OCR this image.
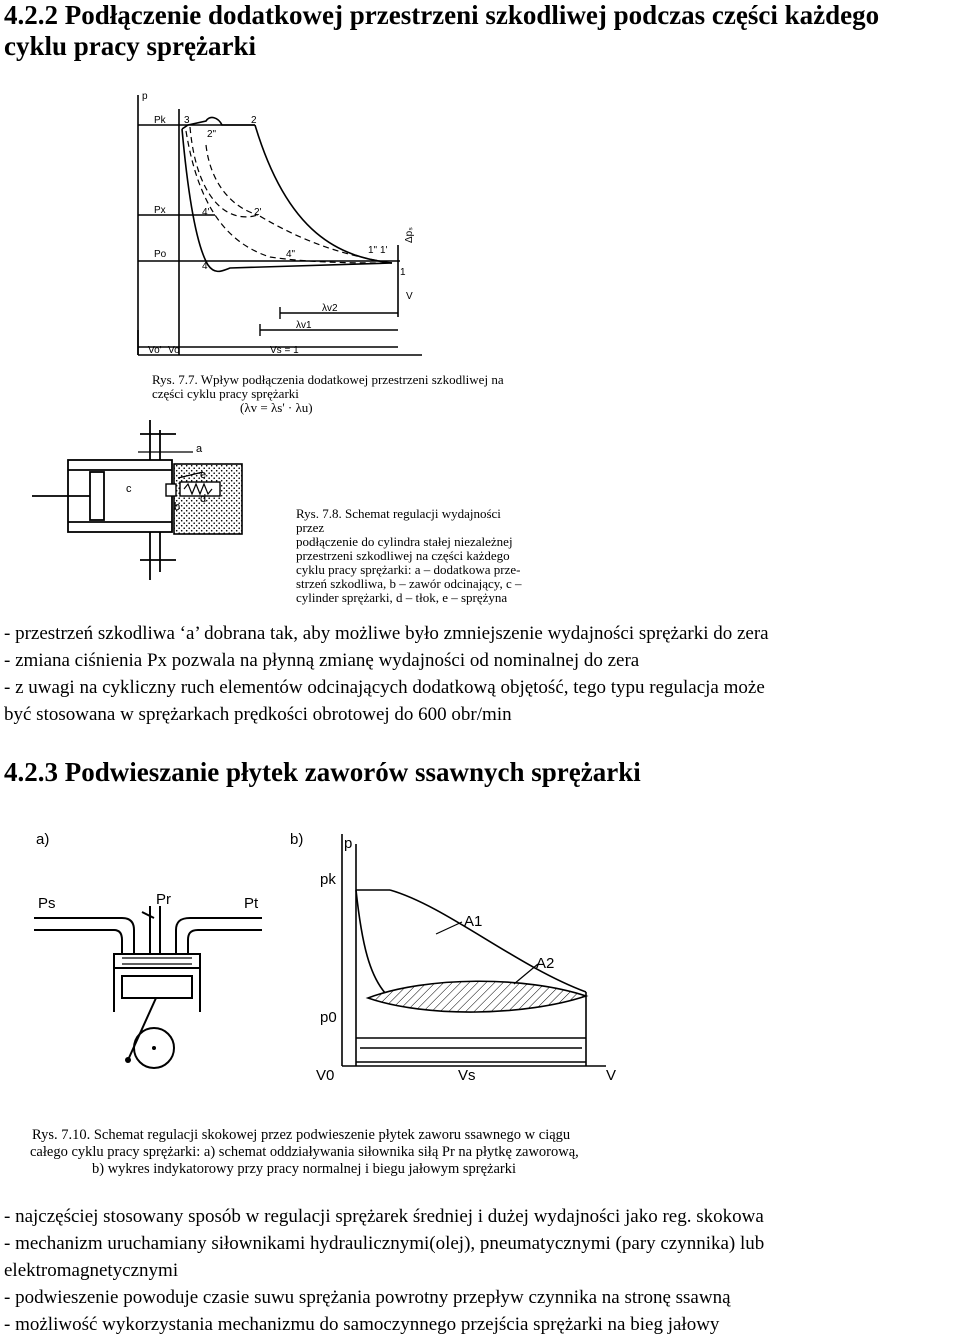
4.2.2 Podłączenie dodatkowej przestrzeni szkodliwej podczas części każdego
cyklu pracy sprężarki
p
Pk
Px
Po
V
3	2
2"
4'	2'
4"
4
1" 1'
1
Δpₛ
λv2
λv1
Vo' Vo	Vs = 1
Rys. 7.7. Wpływ podłączenia dodatkowej przestrzeni szkodliwej na części cyklu pracy sprężarki
(λv = λs' · λu)
a
e
c
b
d
Rys. 7.8. Schemat regulacji wydajności przez
podłączenie do cylindra stałej niezależnej
przestrzeni szkodliwej na części każdego
cyklu pracy sprężarki: a – dodatkowa prze-
strzeń szkodliwa, b – zawór odcinający, c –
cylinder sprężarki, d – tłok, e – sprężyna
- przestrzeń szkodliwa ‘a’ dobrana tak, aby możliwe było zmniejszenie wydajności sprężarki do zera
- zmiana ciśnienia Px pozwala na płynną zmianę wydajności od nominalnej do zera
- z uwagi na cykliczny ruch elementów odcinających dodatkową objętość, tego typu regulacja może
być stosowana w sprężarkach prędkości obrotowej do 600 obr/min
4.2.3 Podwieszanie płytek zaworów ssawnych sprężarki
a)
Ps	Pr	Pt
b)	p
pk
A1
A2
p0
V0	Vs	V
Rys. 7.10. Schemat regulacji skokowej przez podwieszenie płytek zaworu ssawnego w ciągu
całego cyklu pracy sprężarki: a) schemat oddziaływania siłownika siłą Pr na płytkę zaworową,
b) wykres indykatorowy przy pracy normalnej i biegu jałowym sprężarki
- najczęściej stosowany sposób w regulacji sprężarek średniej i dużej wydajności jako reg. skokowa
- mechanizm uruchamiany siłownikami hydraulicznymi(olej), pneumatycznymi (pary czynnika) lub
elektromagnetycznymi
- podwieszenie powoduje czasie suwu sprężania powrotny przepływ czynnika na stronę ssawną
- możliwość wykorzystania mechanizmu do samoczynnego przejścia sprężarki na bieg jałowy
